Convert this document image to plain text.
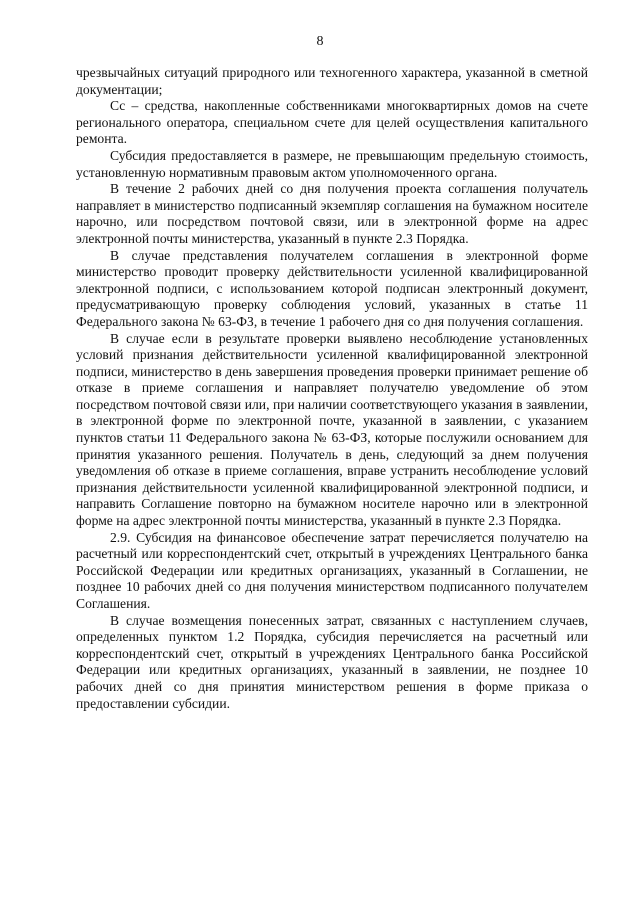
8

чрезвычайных ситуаций природного или техногенного характера, указанной в сметной документации;

Сс – средства, накопленные собственниками многоквартирных домов на счете регионального оператора, специальном счете для целей осуществления капитального ремонта.

Субсидия предоставляется в размере, не превышающим предельную стоимость, установленную нормативным правовым актом уполномоченного органа.

В течение 2 рабочих дней со дня получения проекта соглашения получатель направляет в министерство подписанный экземпляр соглашения на бумажном носителе нарочно, или посредством почтовой связи, или в электронной форме на адрес электронной почты министерства, указанный в пункте 2.3 Порядка.

В случае представления получателем соглашения в электронной форме министерство проводит проверку действительности усиленной квалифицированной электронной подписи, с использованием которой подписан электронный документ, предусматривающую проверку соблюдения условий, указанных в статье 11 Федерального закона № 63-ФЗ, в течение 1 рабочего дня со дня получения соглашения.

В случае если в результате проверки выявлено несоблюдение установленных условий признания действительности усиленной квалифицированной электронной подписи, министерство в день завершения проведения проверки принимает решение об отказе в приеме соглашения и направляет получателю уведомление об этом посредством почтовой связи или, при наличии соответствующего указания в заявлении, в электронной форме по электронной почте, указанной в заявлении, с указанием пунктов статьи 11 Федерального закона № 63-ФЗ, которые послужили основанием для принятия указанного решения. Получатель в день, следующий за днем получения уведомления об отказе в приеме соглашения, вправе устранить несоблюдение условий признания действительности усиленной квалифицированной электронной подписи, и направить Соглашение повторно на бумажном носителе нарочно или в электронной форме на адрес электронной почты министерства, указанный в пункте 2.3 Порядка.

2.9. Субсидия на финансовое обеспечение затрат перечисляется получателю на расчетный или корреспондентский счет, открытый в учреждениях Центрального банка Российской Федерации или кредитных организациях, указанный в Соглашении, не позднее 10 рабочих дней со дня получения министерством подписанного получателем Соглашения.

В случае возмещения понесенных затрат, связанных с наступлением случаев, определенных пунктом 1.2 Порядка, субсидия перечисляется на расчетный или корреспондентский счет, открытый в учреждениях Центрального банка Российской Федерации или кредитных организациях, указанный в заявлении, не позднее 10 рабочих дней со дня принятия министерством решения в форме приказа о предоставлении субсидии.
